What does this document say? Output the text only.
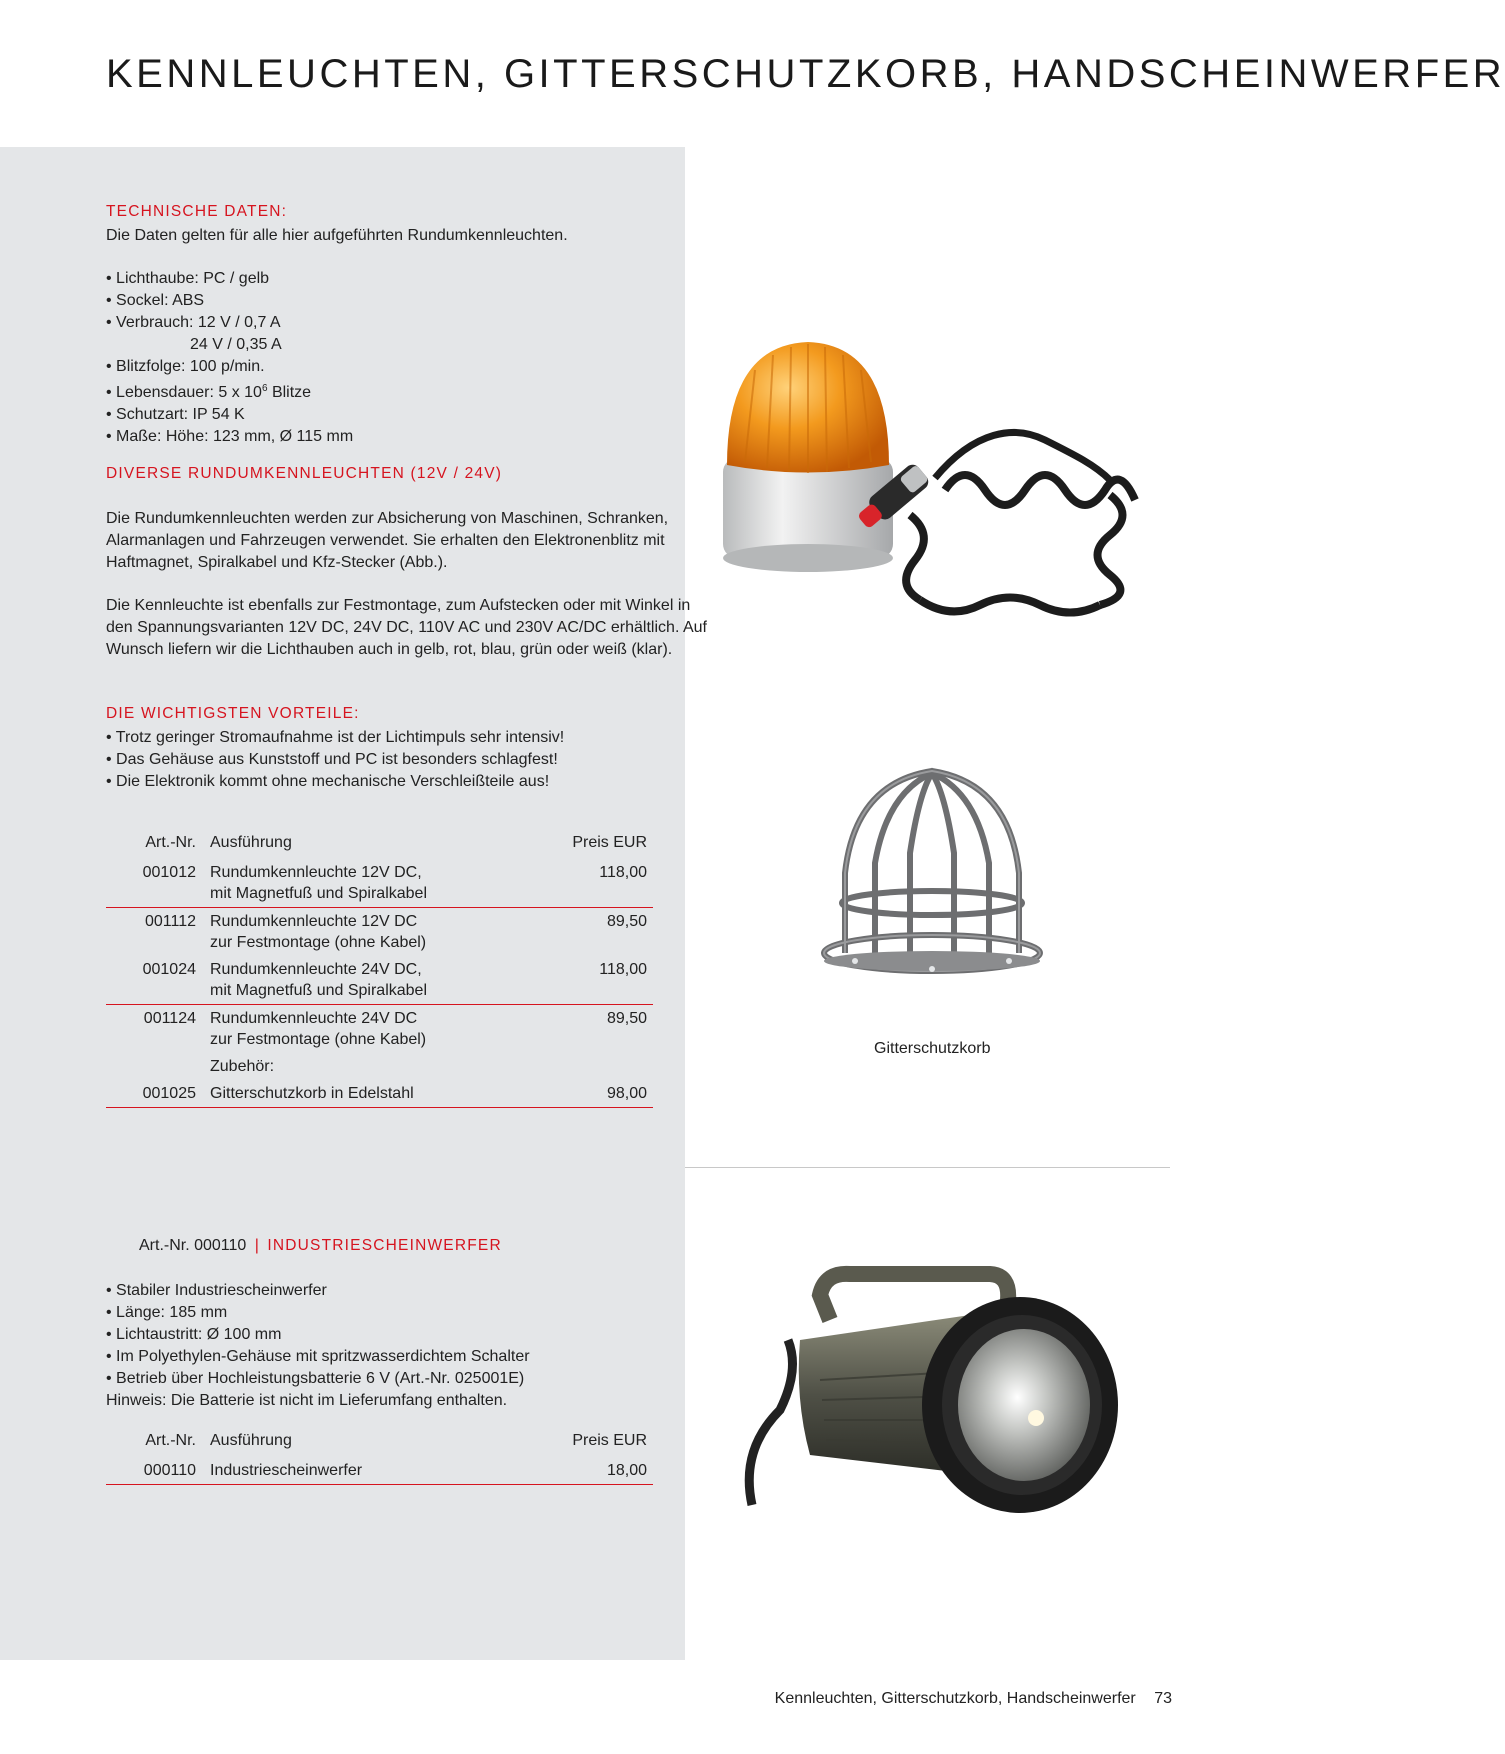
KENNLEUCHTEN, GITTERSCHUTZKORB, HANDSCHEINWERFER
TECHNISCHE DATEN:
Die Daten gelten für alle hier aufgeführten Rundumkennleuchten.
• Lichthaube: PC / gelb
• Sockel: ABS
• Verbrauch: 12 V / 0,7 A
24 V / 0,35 A
• Blitzfolge: 100 p/min.
• Lebensdauer: 5 x $10^6$ Blitze
• Schutzart: IP 54 K
• Maße: Höhe: 123 mm, Ø 115 mm
DIVERSE RUNDUMKENNLEUCHTEN (12V / 24V)
Die Rundumkennleuchten werden zur Absicherung von Maschinen, Schranken,
Alarmanlagen und Fahrzeugen verwendet. Sie erhalten den Elektronenblitz mit
Haftmagnet, Spiralkabel und Kfz-Stecker (Abb.).
Die Kennleuchte ist ebenfalls zur Festmontage, zum Aufstecken oder mit Winkel in
den Spannungsvarianten 12V DC, 24V DC, 110V AC und 230V AC/DC erhältlich. Auf
Wunsch liefern wir die Lichthauben auch in gelb, rot, blau, grün oder weiß (klar).
DIE WICHTIGSTEN VORTEILE:
• Trotz geringer Stromaufnahme ist der Lichtimpuls sehr intensiv!
• Das Gehäuse aus Kunststoff und PC ist besonders schlagfest!
• Die Elektronik kommt ohne mechanische Verschleißteile aus!
Art.-Nr.	Ausführung	Preis EUR
001012	Rundumkennleuchte 12V DC,
mit Magnetfuß und Spiralkabel	118,00
001112	Rundumkennleuchte 12V DC
zur Festmontage (ohne Kabel)	89,50
001024	Rundumkennleuchte 24V DC,
mit Magnetfuß und Spiralkabel	118,00
001124	Rundumkennleuchte 24V DC
zur Festmontage (ohne Kabel)	89,50
	Zubehör:	
001025	Gitterschutzkorb in Edelstahl	98,00
Gitterschutzkorb
Art.-Nr. 000110 | INDUSTRIESCHEINWERFER
• Stabiler Industriescheinwerfer
• Länge: 185 mm
• Lichtaustritt: Ø 100 mm
• Im Polyethylen-Gehäuse mit spritzwasserdichtem Schalter
• Betrieb über Hochleistungsbatterie 6 V (Art.-Nr. 025001E)
Hinweis: Die Batterie ist nicht im Lieferumfang enthalten.
Art.-Nr.	Ausführung	Preis EUR
000110	Industriescheinwerfer	18,00
Kennleuchten, Gitterschutzkorb, Handscheinwerfer 73
